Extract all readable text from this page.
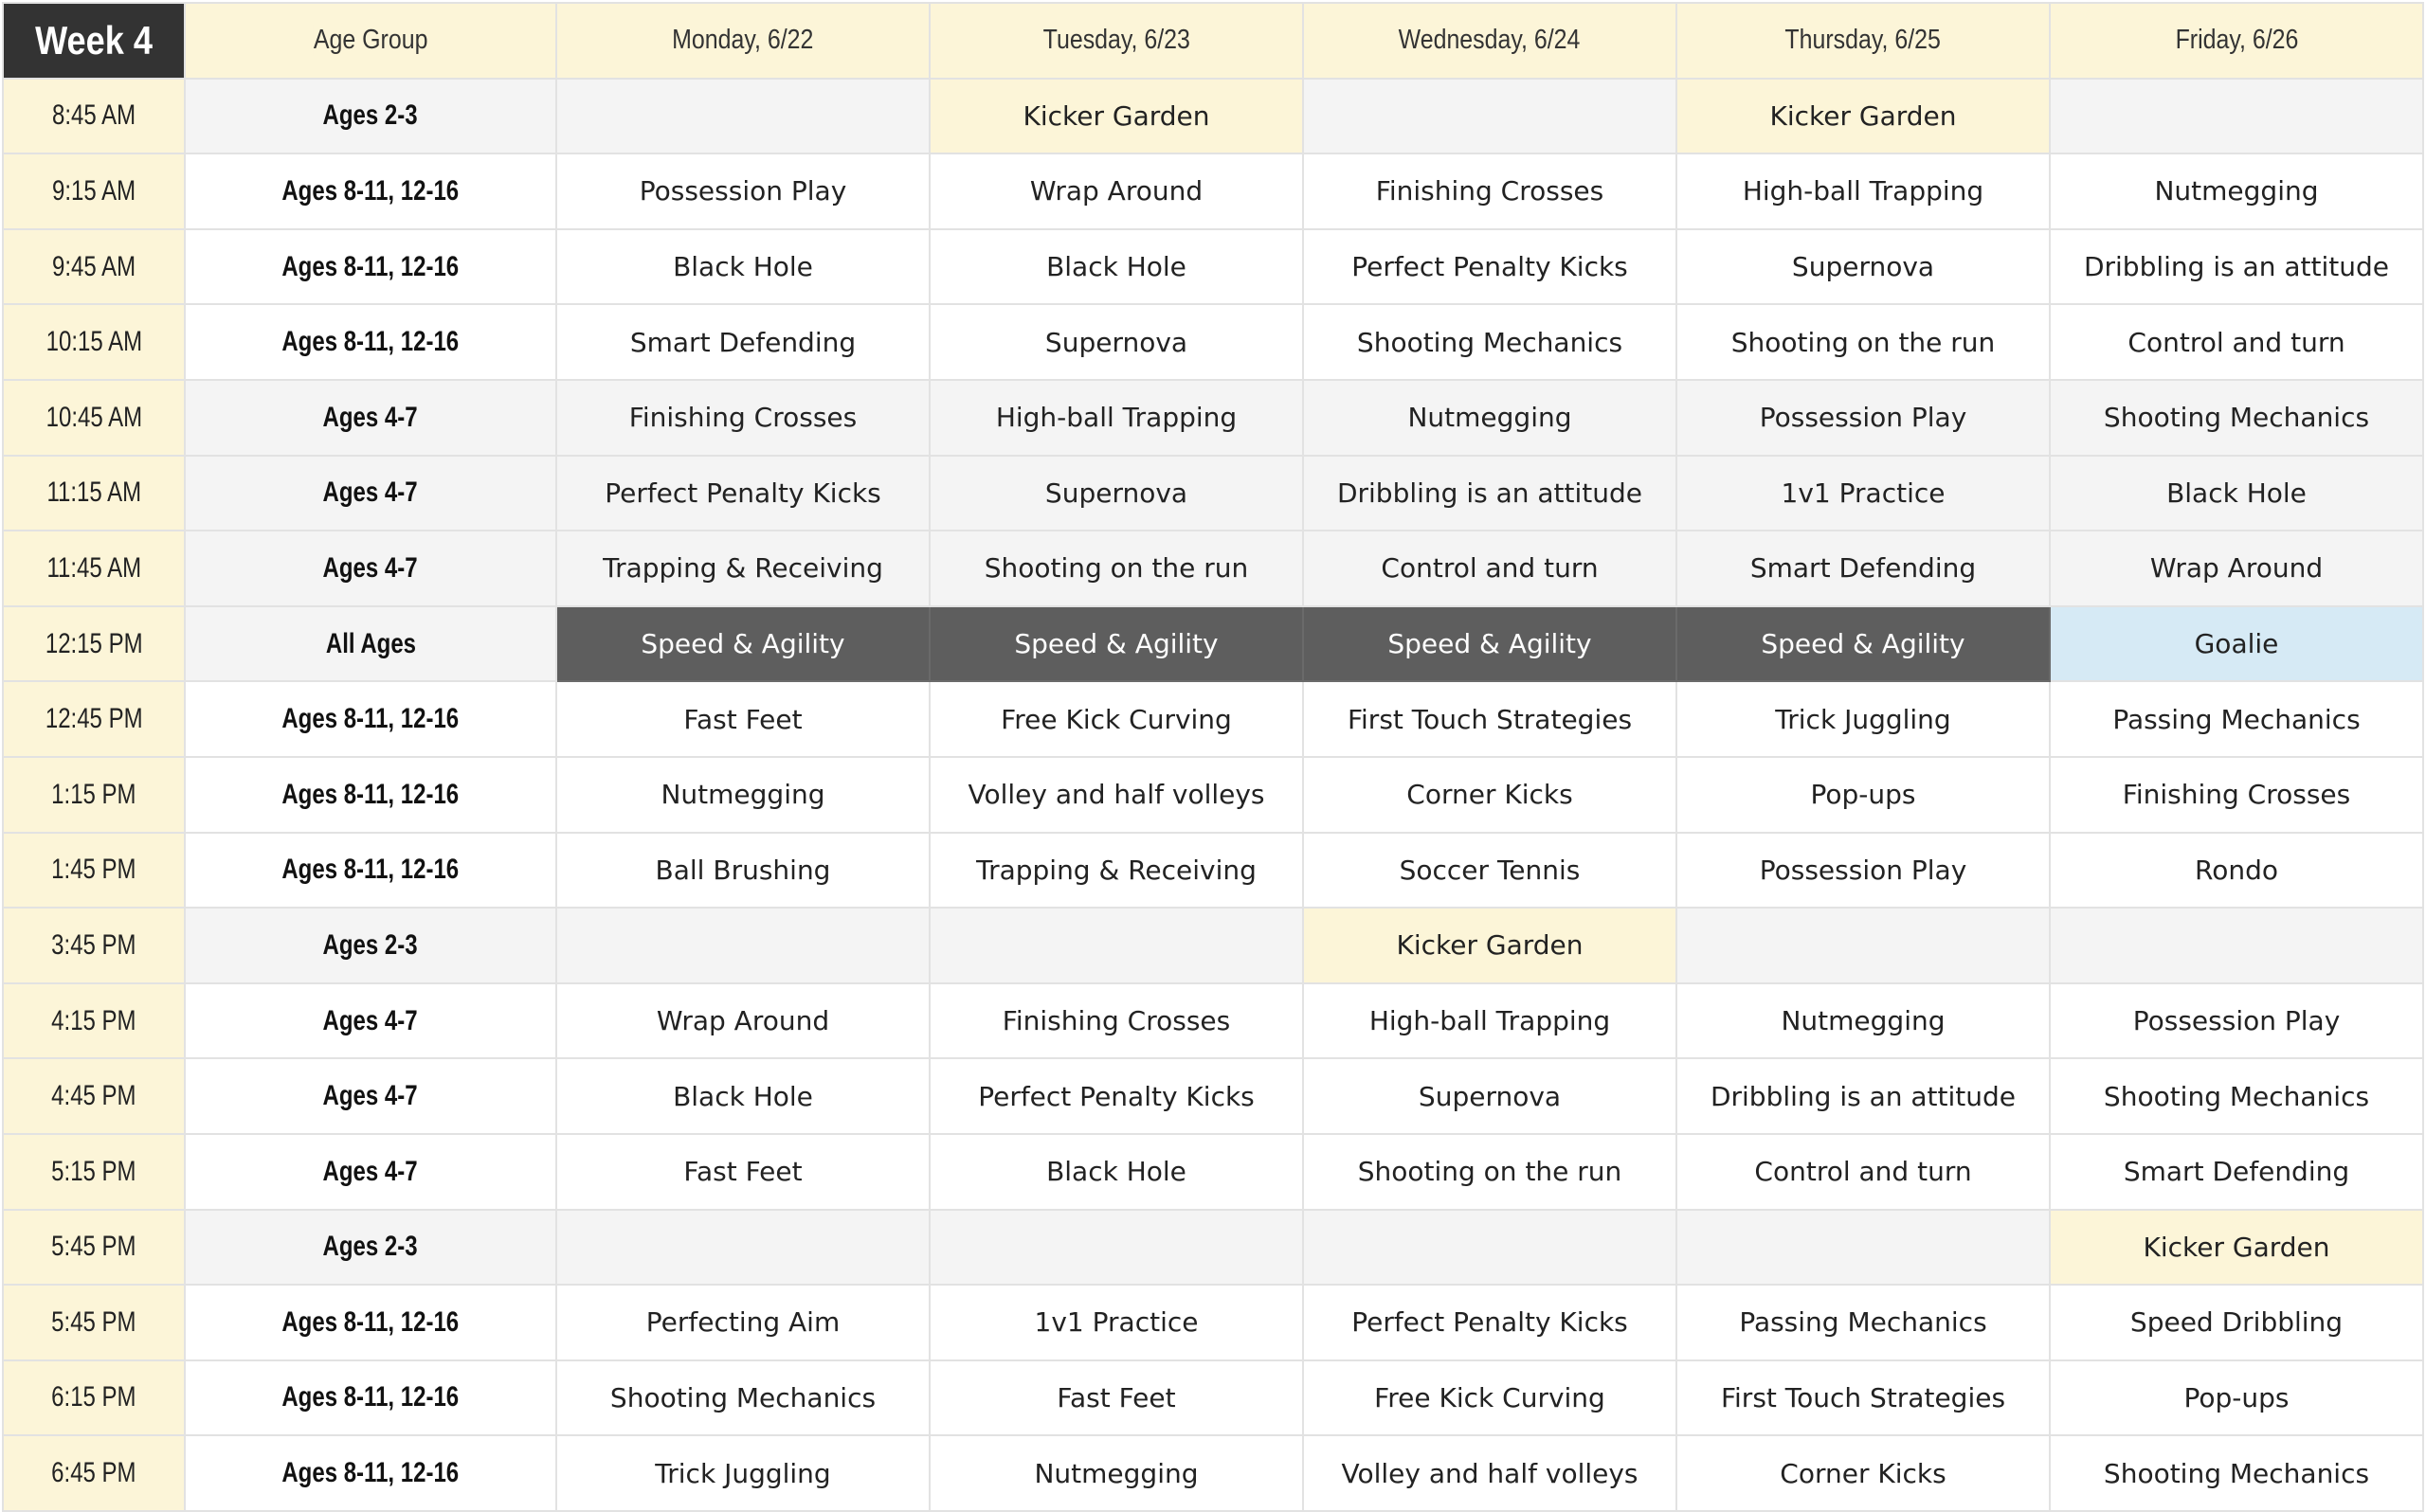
Week 4	Age Group	Monday, 6/22	Tuesday, 6/23	Wednesday, 6/24	Thursday, 6/25	Friday, 6/26
8:45 AM	Ages 2-3		Kicker Garden		Kicker Garden	
9:15 AM	Ages 8-11, 12-16	Possession Play	Wrap Around	Finishing Crosses	High-ball Trapping	Nutmegging
9:45 AM	Ages 8-11, 12-16	Black Hole	Black Hole	Perfect Penalty Kicks	Supernova	Dribbling is an attitude
10:15 AM	Ages 8-11, 12-16	Smart Defending	Supernova	Shooting Mechanics	Shooting on the run	Control and turn
10:45 AM	Ages 4-7	Finishing Crosses	High-ball Trapping	Nutmegging	Possession Play	Shooting Mechanics
11:15 AM	Ages 4-7	Perfect Penalty Kicks	Supernova	Dribbling is an attitude	1v1 Practice	Black Hole
11:45 AM	Ages 4-7	Trapping & Receiving	Shooting on the run	Control and turn	Smart Defending	Wrap Around
12:15 PM	All Ages	Speed & Agility	Speed & Agility	Speed & Agility	Speed & Agility	Goalie
12:45 PM	Ages 8-11, 12-16	Fast Feet	Free Kick Curving	First Touch Strategies	Trick Juggling	Passing Mechanics
1:15 PM	Ages 8-11, 12-16	Nutmegging	Volley and half volleys	Corner Kicks	Pop-ups	Finishing Crosses
1:45 PM	Ages 8-11, 12-16	Ball Brushing	Trapping & Receiving	Soccer Tennis	Possession Play	Rondo
3:45 PM	Ages 2-3			Kicker Garden		
4:15 PM	Ages 4-7	Wrap Around	Finishing Crosses	High-ball Trapping	Nutmegging	Possession Play
4:45 PM	Ages 4-7	Black Hole	Perfect Penalty Kicks	Supernova	Dribbling is an attitude	Shooting Mechanics
5:15 PM	Ages 4-7	Fast Feet	Black Hole	Shooting on the run	Control and turn	Smart Defending
5:45 PM	Ages 2-3					Kicker Garden
5:45 PM	Ages 8-11, 12-16	Perfecting Aim	1v1 Practice	Perfect Penalty Kicks	Passing Mechanics	Speed Dribbling
6:15 PM	Ages 8-11, 12-16	Shooting Mechanics	Fast Feet	Free Kick Curving	First Touch Strategies	Pop-ups
6:45 PM	Ages 8-11, 12-16	Trick Juggling	Nutmegging	Volley and half volleys	Corner Kicks	Shooting Mechanics
